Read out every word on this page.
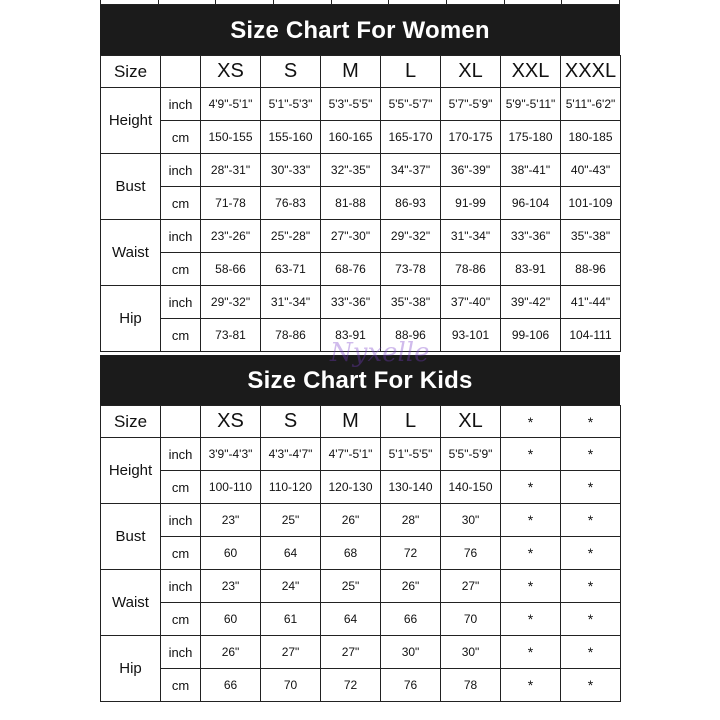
Size Chart For Women
Size		XS	S	M	L	XL	XXL	XXXL
Height	inch	4'9"-5'1"	5'1"-5'3"	5'3"-5'5"	5'5"-5'7"	5'7"-5'9"	5'9"-5'11"	5'11"-6'2"
	cm	150-155	155-160	160-165	165-170	170-175	175-180	180-185
Bust	inch	28"-31"	30"-33"	32"-35"	34"-37"	36"-39"	38"-41"	40"-43"
	cm	71-78	76-83	81-88	86-93	91-99	96-104	101-109
Waist	inch	23"-26"	25"-28"	27"-30"	29"-32"	31"-34"	33"-36"	35"-38"
	cm	58-66	63-71	68-76	73-78	78-86	83-91	88-96
Hip	inch	29"-32"	31"-34"	33"-36"	35"-38"	37"-40"	39"-42"	41"-44"
	cm	73-81	78-86	83-91	88-96	93-101	99-106	104-111
Size Chart For Kids
Size		XS	S	M	L	XL	*	*
Height	inch	3'9"-4'3"	4'3"-4'7"	4'7"-5'1"	5'1"-5'5"	5'5"-5'9"	*	*
	cm	100-110	110-120	120-130	130-140	140-150	*	*
Bust	inch	23"	25"	26"	28"	30"	*	*
	cm	60	64	68	72	76	*	*
Waist	inch	23"	24"	25"	26"	27"	*	*
	cm	60	61	64	66	70	*	*
Hip	inch	26"	27"	27"	30"	30"	*	*
	cm	66	70	72	76	78	*	*
Nyxelle
